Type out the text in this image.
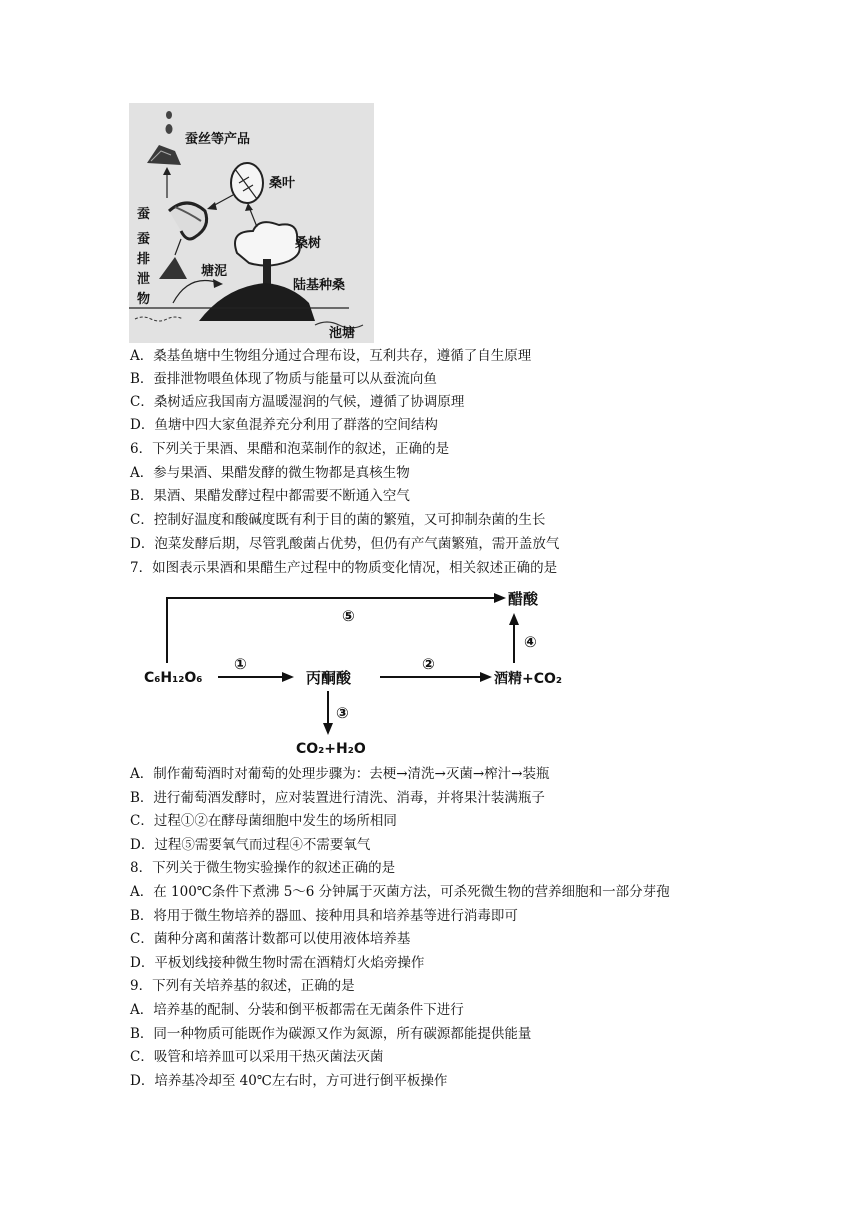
蚕丝等产品
桑叶
蚕
蚕
排
泄
物
塘泥
桑树
陆基种桑
池塘
A．桑基鱼塘中生物组分通过合理布设，互利共存，遵循了自生原理
B．蚕排泄物喂鱼体现了物质与能量可以从蚕流向鱼
C．桑树适应我国南方温暖湿润的气候，遵循了协调原理
D．鱼塘中四大家鱼混养充分利用了群落的空间结构
6．下列关于果酒、果醋和泡菜制作的叙述，正确的是
A．参与果酒、果醋发酵的微生物都是真核生物
B．果酒、果醋发酵过程中都需要不断通入空气
C．控制好温度和酸碱度既有利于目的菌的繁殖，又可抑制杂菌的生长
D．泡菜发酵后期，尽管乳酸菌占优势，但仍有产气菌繁殖，需开盖放气
7．如图表示果酒和果醋生产过程中的物质变化情况，相关叙述正确的是
⑤
醋酸
C₆H₁₂O₆
①
丙酮酸
②
酒精+CO₂
④
③
CO₂+H₂O
A．制作葡萄酒时对葡萄的处理步骤为：去梗→清洗→灭菌→榨汁→装瓶
B．进行葡萄酒发酵时，应对装置进行清洗、消毒，并将果汁装满瓶子
C．过程①②在酵母菌细胞中发生的场所相同
D．过程⑤需要氧气而过程④不需要氧气
8．下列关于微生物实验操作的叙述正确的是
A．在 100℃条件下煮沸 5～6 分钟属于灭菌方法，可杀死微生物的营养细胞和一部分芽孢
B．将用于微生物培养的器皿、接种用具和培养基等进行消毒即可
C．菌种分离和菌落计数都可以使用液体培养基
D．平板划线接种微生物时需在酒精灯火焰旁操作
9．下列有关培养基的叙述，正确的是
A．培养基的配制、分装和倒平板都需在无菌条件下进行
B．同一种物质可能既作为碳源又作为氮源，所有碳源都能提供能量
C．吸管和培养皿可以采用干热灭菌法灭菌
D．培养基冷却至 40℃左右时，方可进行倒平板操作
